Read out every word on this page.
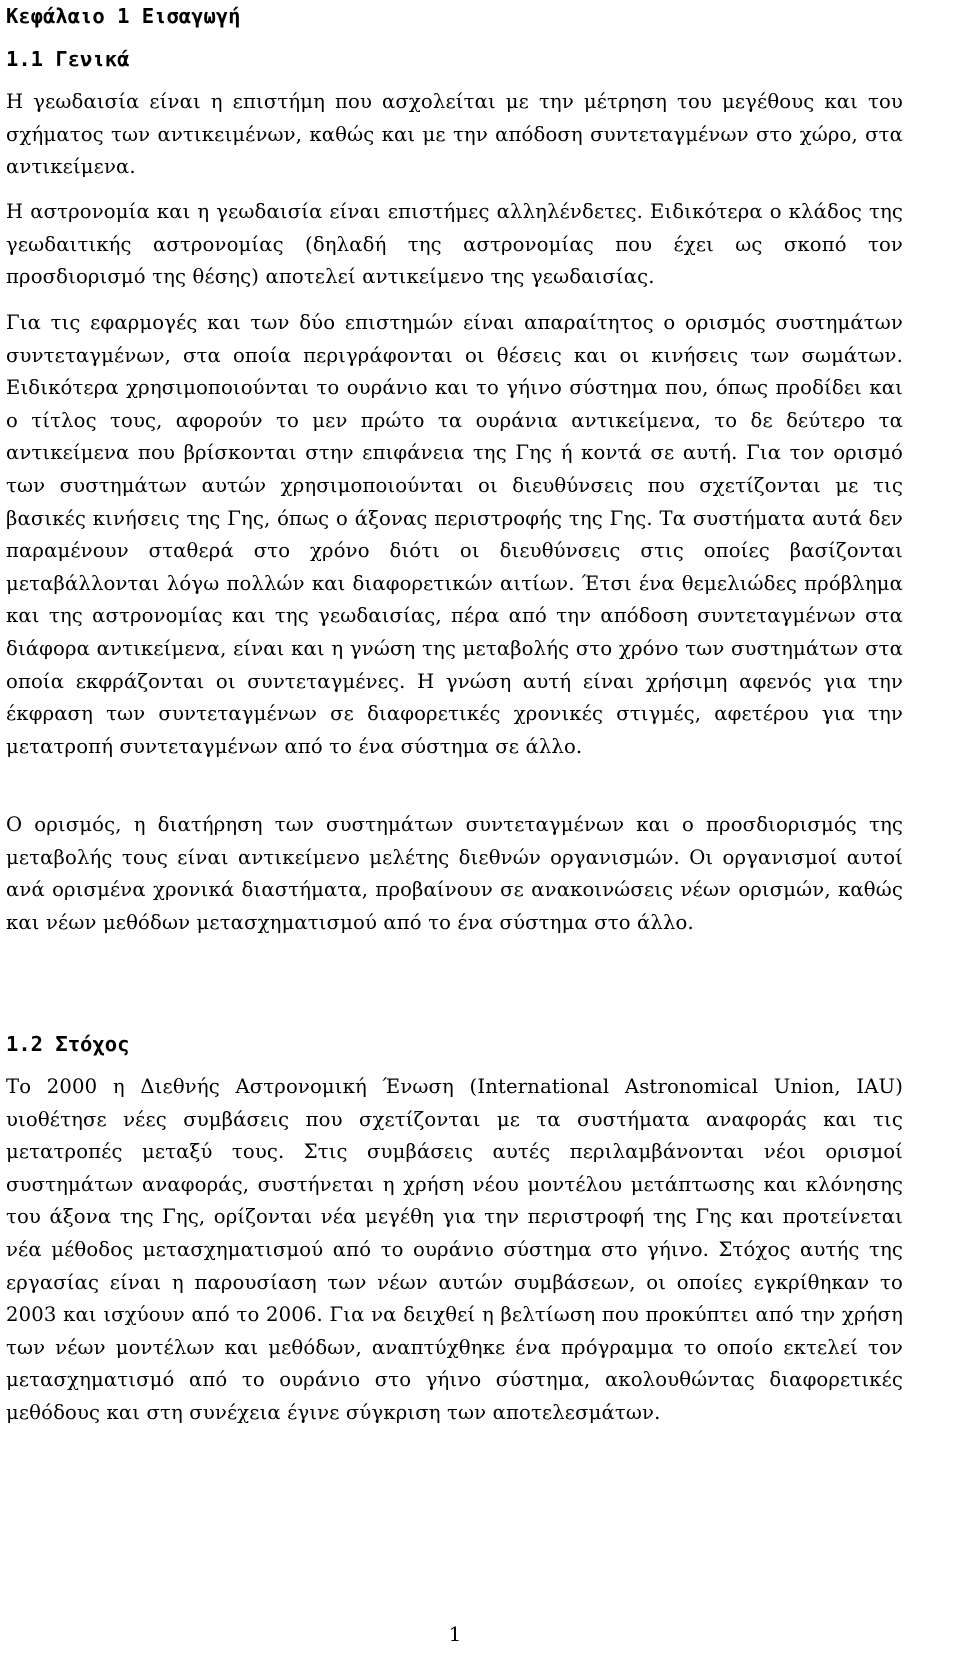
Κεφάλαιο 1 Εισαγωγή
1.1 Γενικά

Η γεωδαισία είναι η επιστήμη που ασχολείται με την μέτρηση του μεγέθους και του σχήματος των αντικειμένων, καθώς και με την απόδοση συντεταγμένων στο χώρο, στα αντικείμενα.

Η αστρονομία και η γεωδαισία είναι επιστήμες αλληλένδετες. Ειδικότερα ο κλάδος της γεωδαιτικής αστρονομίας (δηλαδή της αστρονομίας που έχει ως σκοπό τον προσδιορισμό της θέσης) αποτελεί αντικείμενο της γεωδαισίας.

Για τις εφαρμογές και των δύο επιστημών είναι απαραίτητος ο ορισμός συστημάτων συντεταγμένων, στα οποία περιγράφονται οι θέσεις και οι κινήσεις των σωμάτων. Ειδικότερα χρησιμοποιούνται το ουράνιο και το γήινο σύστημα που, όπως προδίδει και ο τίτλος τους, αφορούν το μεν πρώτο τα ουράνια αντικείμενα, το δε δεύτερο τα αντικείμενα που βρίσκονται στην επιφάνεια της Γης ή κοντά σε αυτή. Για τον ορισμό των συστημάτων αυτών χρησιμοποιούνται οι διευθύνσεις που σχετίζονται με τις βασικές κινήσεις της Γης, όπως ο άξονας περιστροφής της Γης. Τα συστήματα αυτά δεν παραμένουν σταθερά στο χρόνο διότι οι διευθύνσεις στις οποίες βασίζονται μεταβάλλονται λόγω πολλών και διαφορετικών αιτίων. Έτσι ένα θεμελιώδες πρόβλημα και της αστρονομίας και της γεωδαισίας, πέρα από την απόδοση συντεταγμένων στα διάφορα αντικείμενα, είναι και η γνώση της μεταβολής στο χρόνο των συστημάτων στα οποία εκφράζονται οι συντεταγμένες. Η γνώση αυτή είναι χρήσιμη αφενός για την έκφραση των συντεταγμένων σε διαφορετικές χρονικές στιγμές, αφετέρου για την μετατροπή συντεταγμένων από το ένα σύστημα σε άλλο.

Ο ορισμός, η διατήρηση των συστημάτων συντεταγμένων και ο προσδιορισμός της μεταβολής τους είναι αντικείμενο μελέτης διεθνών οργανισμών. Οι οργανισμοί αυτοί ανά ορισμένα χρονικά διαστήματα, προβαίνουν σε ανακοινώσεις νέων ορισμών, καθώς και νέων μεθόδων μετασχηματισμού από το ένα σύστημα στο άλλο.

1.2 Στόχος

Το 2000 η Διεθνής Αστρονομική Ένωση (International Astronomical Union, IAU) υιοθέτησε νέες συμβάσεις που σχετίζονται με τα συστήματα αναφοράς και τις μετατροπές μεταξύ τους. Στις συμβάσεις αυτές περιλαμβάνονται νέοι ορισμοί συστημάτων αναφοράς, συστήνεται η χρήση νέου μοντέλου μετάπτωσης και κλόνησης του άξονα της Γης, ορίζονται νέα μεγέθη για την περιστροφή της Γης και προτείνεται νέα μέθοδος μετασχηματισμού από το ουράνιο σύστημα στο γήινο. Στόχος αυτής της εργασίας είναι η παρουσίαση των νέων αυτών συμβάσεων, οι οποίες εγκρίθηκαν το 2003 και ισχύουν από το 2006. Για να δειχθεί η βελτίωση που προκύπτει από την χρήση των νέων μοντέλων και μεθόδων, αναπτύχθηκε ένα πρόγραμμα το οποίο εκτελεί τον μετασχηματισμό από το ουράνιο στο γήινο σύστημα, ακολουθώντας διαφορετικές μεθόδους και στη συνέχεια έγινε σύγκριση των αποτελεσμάτων.

1
